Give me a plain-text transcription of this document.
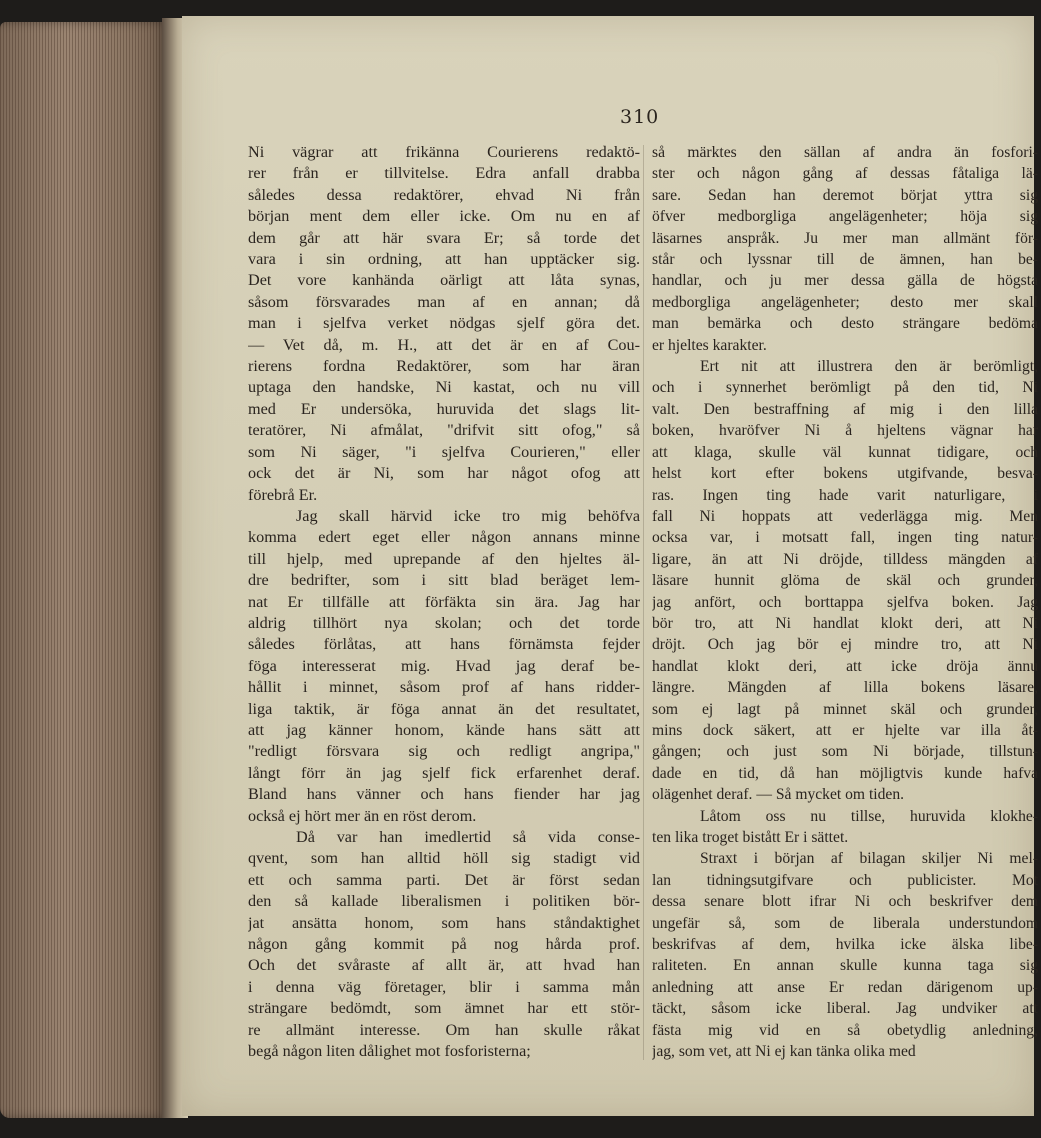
310
Ni vägrar att frikänna Courierens redaktö-
rer från er tillvitelse. Edra anfall drabba
således dessa redaktörer, ehvad Ni från
början ment dem eller icke. Om nu en af
dem går att här svara Er; så torde det
vara i sin ordning, att han upptäcker sig.
Det vore kanhända oärligt att låta synas,
såsom försvarades man af en annan; då
man i sjelfva verket nödgas sjelf göra det.
— Vet då, m. H., att det är en af Cou-
rierens fordna Redaktörer, som har äran
uptaga den handske, Ni kastat, och nu vill
med Er undersöka, huruvida det slags lit-
teratörer, Ni afmålat, "drifvit sitt ofog," så
som Ni säger, "i sjelfva Courieren," eller
ock det är Ni, som har något ofog att
förebrå Er.
Jag skall härvid icke tro mig behöfva
komma edert eget eller någon annans minne
till hjelp, med uprepande af den hjeltes äl-
dre bedrifter, som i sitt blad beräget lem-
nat Er tillfälle att förfäkta sin ära. Jag har
aldrig tillhört nya skolan; och det torde
således förlåtas, att hans förnämsta fejder
föga interesserat mig. Hvad jag deraf be-
hållit i minnet, såsom prof af hans ridder-
liga taktik, är föga annat än det resultatet,
att jag känner honom, kände hans sätt att
"redligt försvara sig och redligt angripa,"
långt förr än jag sjelf fick erfarenhet deraf.
Bland hans vänner och hans fiender har jag
också ej hört mer än en röst derom.
Då var han imedlertid så vida conse-
qvent, som han alltid höll sig stadigt vid
ett och samma parti. Det är först sedan
den så kallade liberalismen i politiken bör-
jat ansätta honom, som hans ståndaktighet
någon gång kommit på nog hårda prof.
Och det svåraste af allt är, att hvad han
i denna väg företager, blir i samma mån
strängare bedömdt, som ämnet har ett stör-
re allmänt interesse. Om han skulle råkat
begå någon liten dålighet mot fosforisterna;
så märktes den sällan af andra än fosfori-
ster och någon gång af dessas fåtaliga lä-
sare. Sedan han deremot börjat yttra sig
öfver medborgliga angelägenheter; höja sig
läsarnes anspråk. Ju mer man allmänt för-
står och lyssnar till de ämnen, han be-
handlar, och ju mer dessa gälla de högsta
medborgliga angelägenheter; desto mer skall
man bemärka och desto strängare bedöma
er hjeltes karakter.
Ert nit att illustrera den är berömligt,
och i synnerhet berömligt på den tid, Ni
valt. Den bestraffning af mig i den lilla
boken, hvaröfver Ni å hjeltens vägnar har
att klaga, skulle väl kunnat tidigare, och
helst kort efter bokens utgifvande, besva-
ras. Ingen ting hade varit naturligare, i
fall Ni hoppats att vederlägga mig. Men
ocksa var, i motsatt fall, ingen ting natur-
ligare, än att Ni dröjde, tilldess mängden af
läsare hunnit glöma de skäl och grunder,
jag anfört, och borttappa sjelfva boken. Jag
bör tro, att Ni handlat klokt deri, att Ni
dröjt. Och jag bör ej mindre tro, att Ni
handlat klokt deri, att icke dröja ännu
längre. Mängden af lilla bokens läsare,
som ej lagt på minnet skäl och grunder,
mins dock säkert, att er hjelte var illa åt-
gången; och just som Ni började, tillstun-
dade en tid, då han möjligtvis kunde hafva
olägenhet deraf. — Så mycket om tiden.
Låtom oss nu tillse, huruvida klokhe-
ten lika troget bistått Er i sättet.
Straxt i början af bilagan skiljer Ni mel-
lan tidningsutgifvare och publicister. Mot
dessa senare blott ifrar Ni och beskrifver dem
ungefär så, som de liberala understundom
beskrifvas af dem, hvilka icke älska libe-
raliteten. En annan skulle kunna taga sig
anledning att anse Er redan därigenom up-
täckt, såsom icke liberal. Jag undviker att
fästa mig vid en så obetydlig anledning,
jag, som vet, att Ni ej kan tänka olika med
